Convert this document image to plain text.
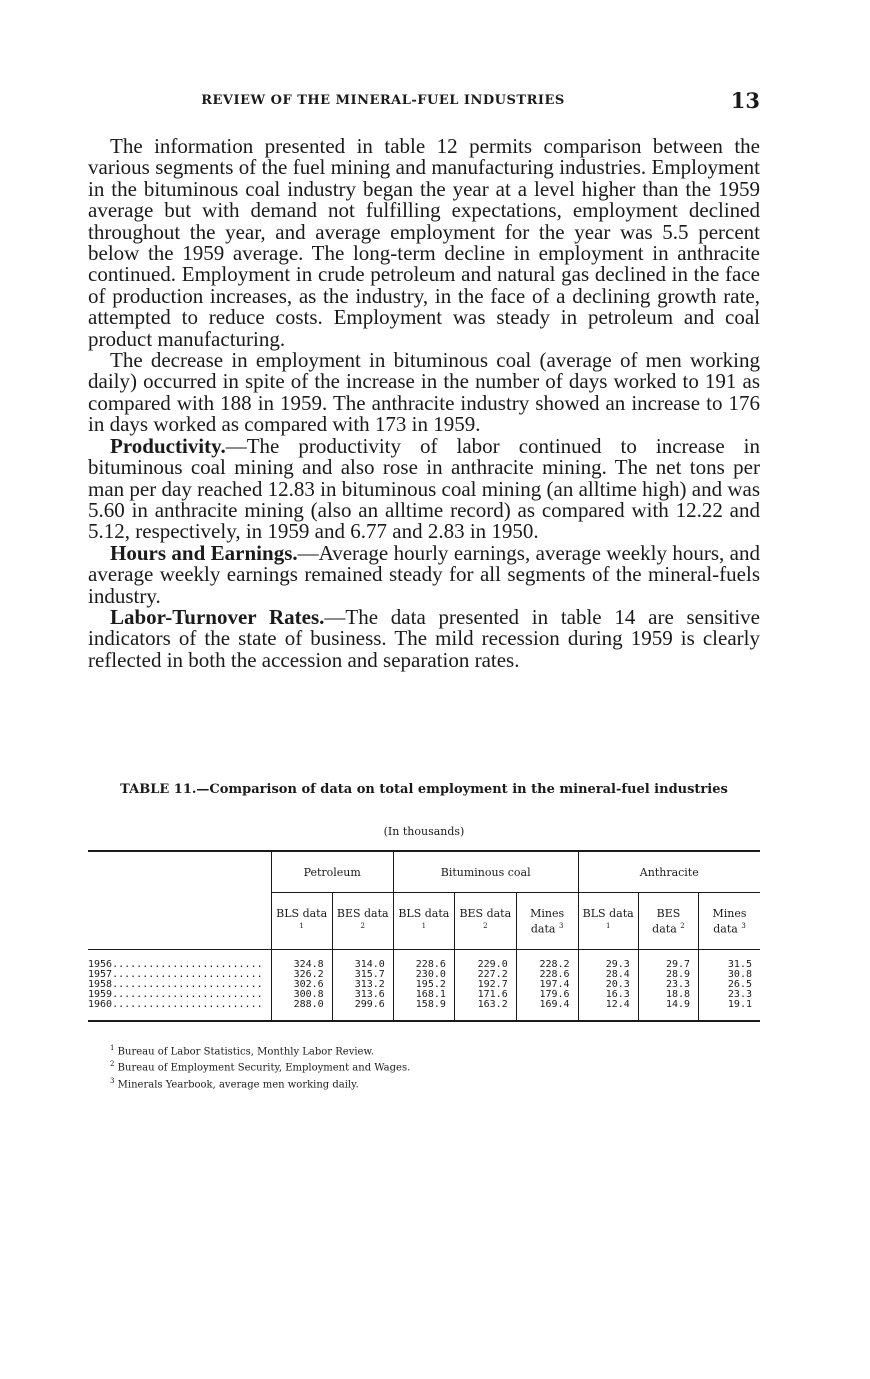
REVIEW OF THE MINERAL-FUEL INDUSTRIES	13

The information presented in table 12 permits comparison between the various segments of the fuel mining and manufacturing industries. Employment in the bituminous coal industry began the year at a level higher than the 1959 average but with demand not fulfilling expectations, employment declined throughout the year, and average employment for the year was 5.5 percent below the 1959 average. The long-term decline in employment in anthracite continued. Employment in crude petroleum and natural gas declined in the face of production increases, as the industry, in the face of a declining growth rate, attempted to reduce costs. Employment was steady in petroleum and coal product manufacturing.

The decrease in employment in bituminous coal (average of men working daily) occurred in spite of the increase in the number of days worked to 191 as compared with 188 in 1959. The anthracite industry showed an increase to 176 in days worked as compared with 173 in 1959.

Productivity.—The productivity of labor continued to increase in bituminous coal mining and also rose in anthracite mining. The net tons per man per day reached 12.83 in bituminous coal mining (an alltime high) and was 5.60 in anthracite mining (also an alltime record) as compared with 12.22 and 5.12, respectively, in 1959 and 6.77 and 2.83 in 1950.

Hours and Earnings.—Average hourly earnings, average weekly hours, and average weekly earnings remained steady for all segments of the mineral-fuels industry.

Labor-Turnover Rates.—The data presented in table 14 are sensitive indicators of the state of business. The mild recession during 1959 is clearly reflected in both the accession and separation rates.

TABLE 11.—Comparison of data on total employment in the mineral-fuel industries
(In thousands)
	Petroleum		Bituminous coal			Anthracite		
	BLS data $^1$	BES data $^2$	BLS data $^1$	BES data $^2$	Mines data $^3$	BLS data $^1$	BES data $^2$	Mines data $^3$
1956.........................	324.8	314.0	228.6	229.0	228.2	29.3	29.7	31.5
1957.........................	326.2	315.7	230.0	227.2	228.6	28.4	28.9	30.8
1958.........................	302.6	313.2	195.2	192.7	197.4	20.3	23.3	26.5
1959.........................	300.8	313.6	168.1	171.6	179.6	16.3	18.8	23.3
1960.........................	288.0	299.6	158.9	163.2	169.4	12.4	14.9	19.1
$^1$ Bureau of Labor Statistics, Monthly Labor Review.
$^2$ Bureau of Employment Security, Employment and Wages.
$^3$ Minerals Yearbook, average men working daily.
